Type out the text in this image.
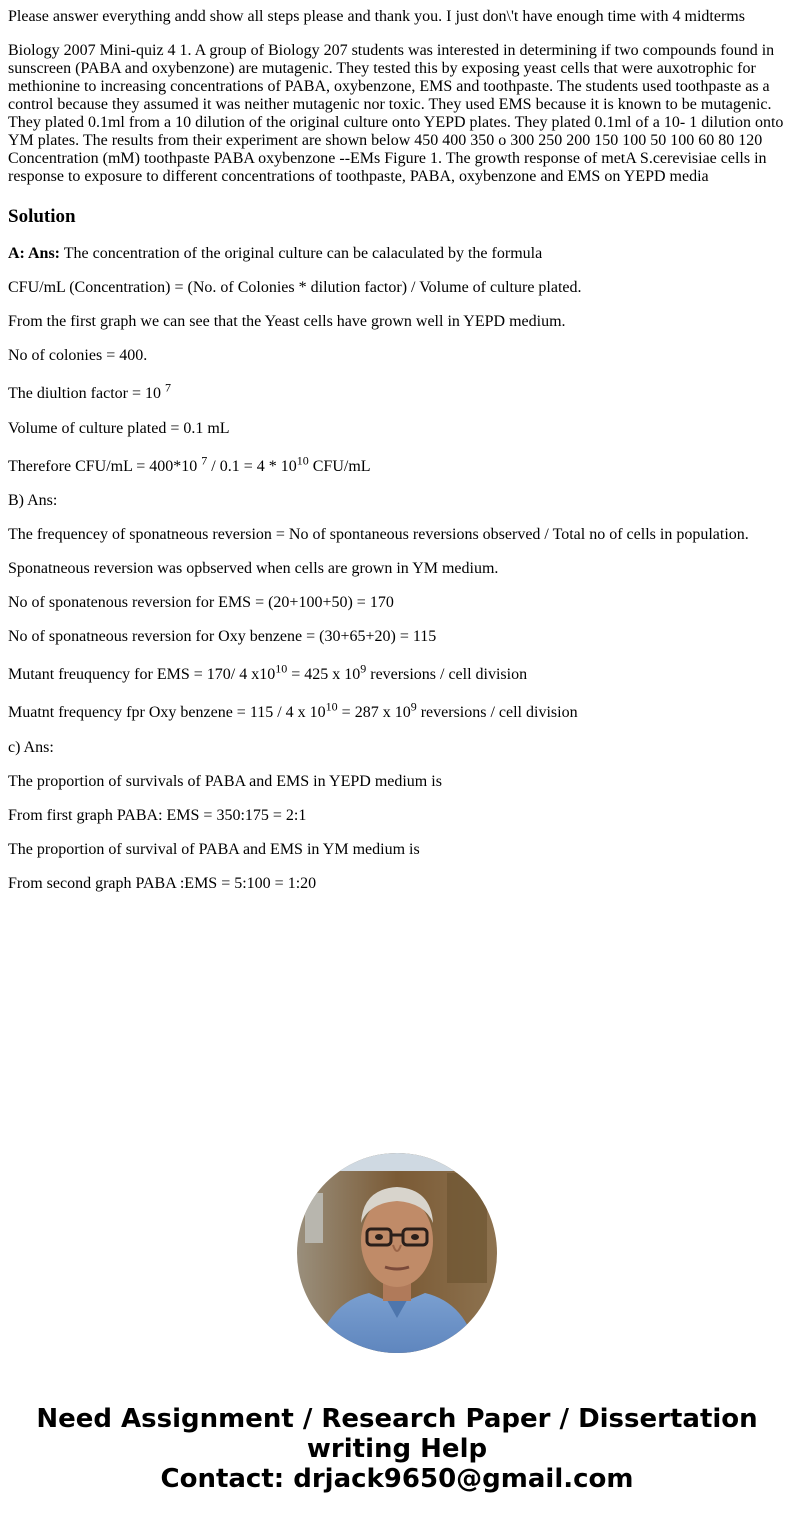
Please answer everything andd show all steps please and thank you. I just don\'t have enough time with 4 midterms

Biology 2007 Mini-quiz 4 1. A group of Biology 207 students was interested in determining if two compounds found in sunscreen (PABA and oxybenzone) are mutagenic. They tested this by exposing yeast cells that were auxotrophic for methionine to increasing concentrations of PABA, oxybenzone, EMS and toothpaste. The students used toothpaste as a control because they assumed it was neither mutagenic nor toxic. They used EMS because it is known to be mutagenic. They plated 0.1ml from a 10 dilution of the original culture onto YEPD plates. They plated 0.1ml of a 10- 1 dilution onto YM plates. The results from their experiment are shown below 450 400 350 o 300 250 200 150 100 50 100 60 80 120 Concentration (mM) toothpaste PABA oxybenzone --EMs Figure 1. The growth response of metA S.cerevisiae cells in response to exposure to different concentrations of toothpaste, PABA, oxybenzone and EMS on YEPD media

Solution

A: Ans: The concentration of the original culture can be calaculated by the formula

CFU/mL (Concentration) = (No. of Colonies * dilution factor) / Volume of culture plated.

From the first graph we can see that the Yeast cells have grown well in YEPD medium.

No of colonies = 400.

The diultion factor = 10 $^7$

Volume of culture plated = 0.1 mL

Therefore CFU/mL = 400*10 $^7 / 0.1 = 4 * 10^{10}$ CFU/mL

B) Ans:

The frequencey of sponatneous reversion = No of spontaneous reversions observed / Total no of cells in population.

Sponatneous reversion was opbserved when cells are grown in YM medium.

No of sponatenous reversion for EMS = (20+100+50) = 170

No of sponatneous reversion for Oxy benzene = (30+65+20) = 115

Mutant freuquency for EMS = 170/ 4 $x10^{10} = 425$ x $10^9$ reversions / cell division

Muatnt frequency fpr Oxy benzene = 115 / 4 x $10^{10} = 287$ x $10^9$ reversions / cell division

c) Ans:

The proportion of survivals of PABA and EMS in YEPD medium is

From first graph PABA: EMS = 350:175 = 2:1

The proportion of survival of PABA and EMS in YM medium is

From second graph PABA :EMS = 5:100 = 1:20

Need Assignment / Research Paper / Dissertation
writing Help
Contact: drjack9650@gmail.com
